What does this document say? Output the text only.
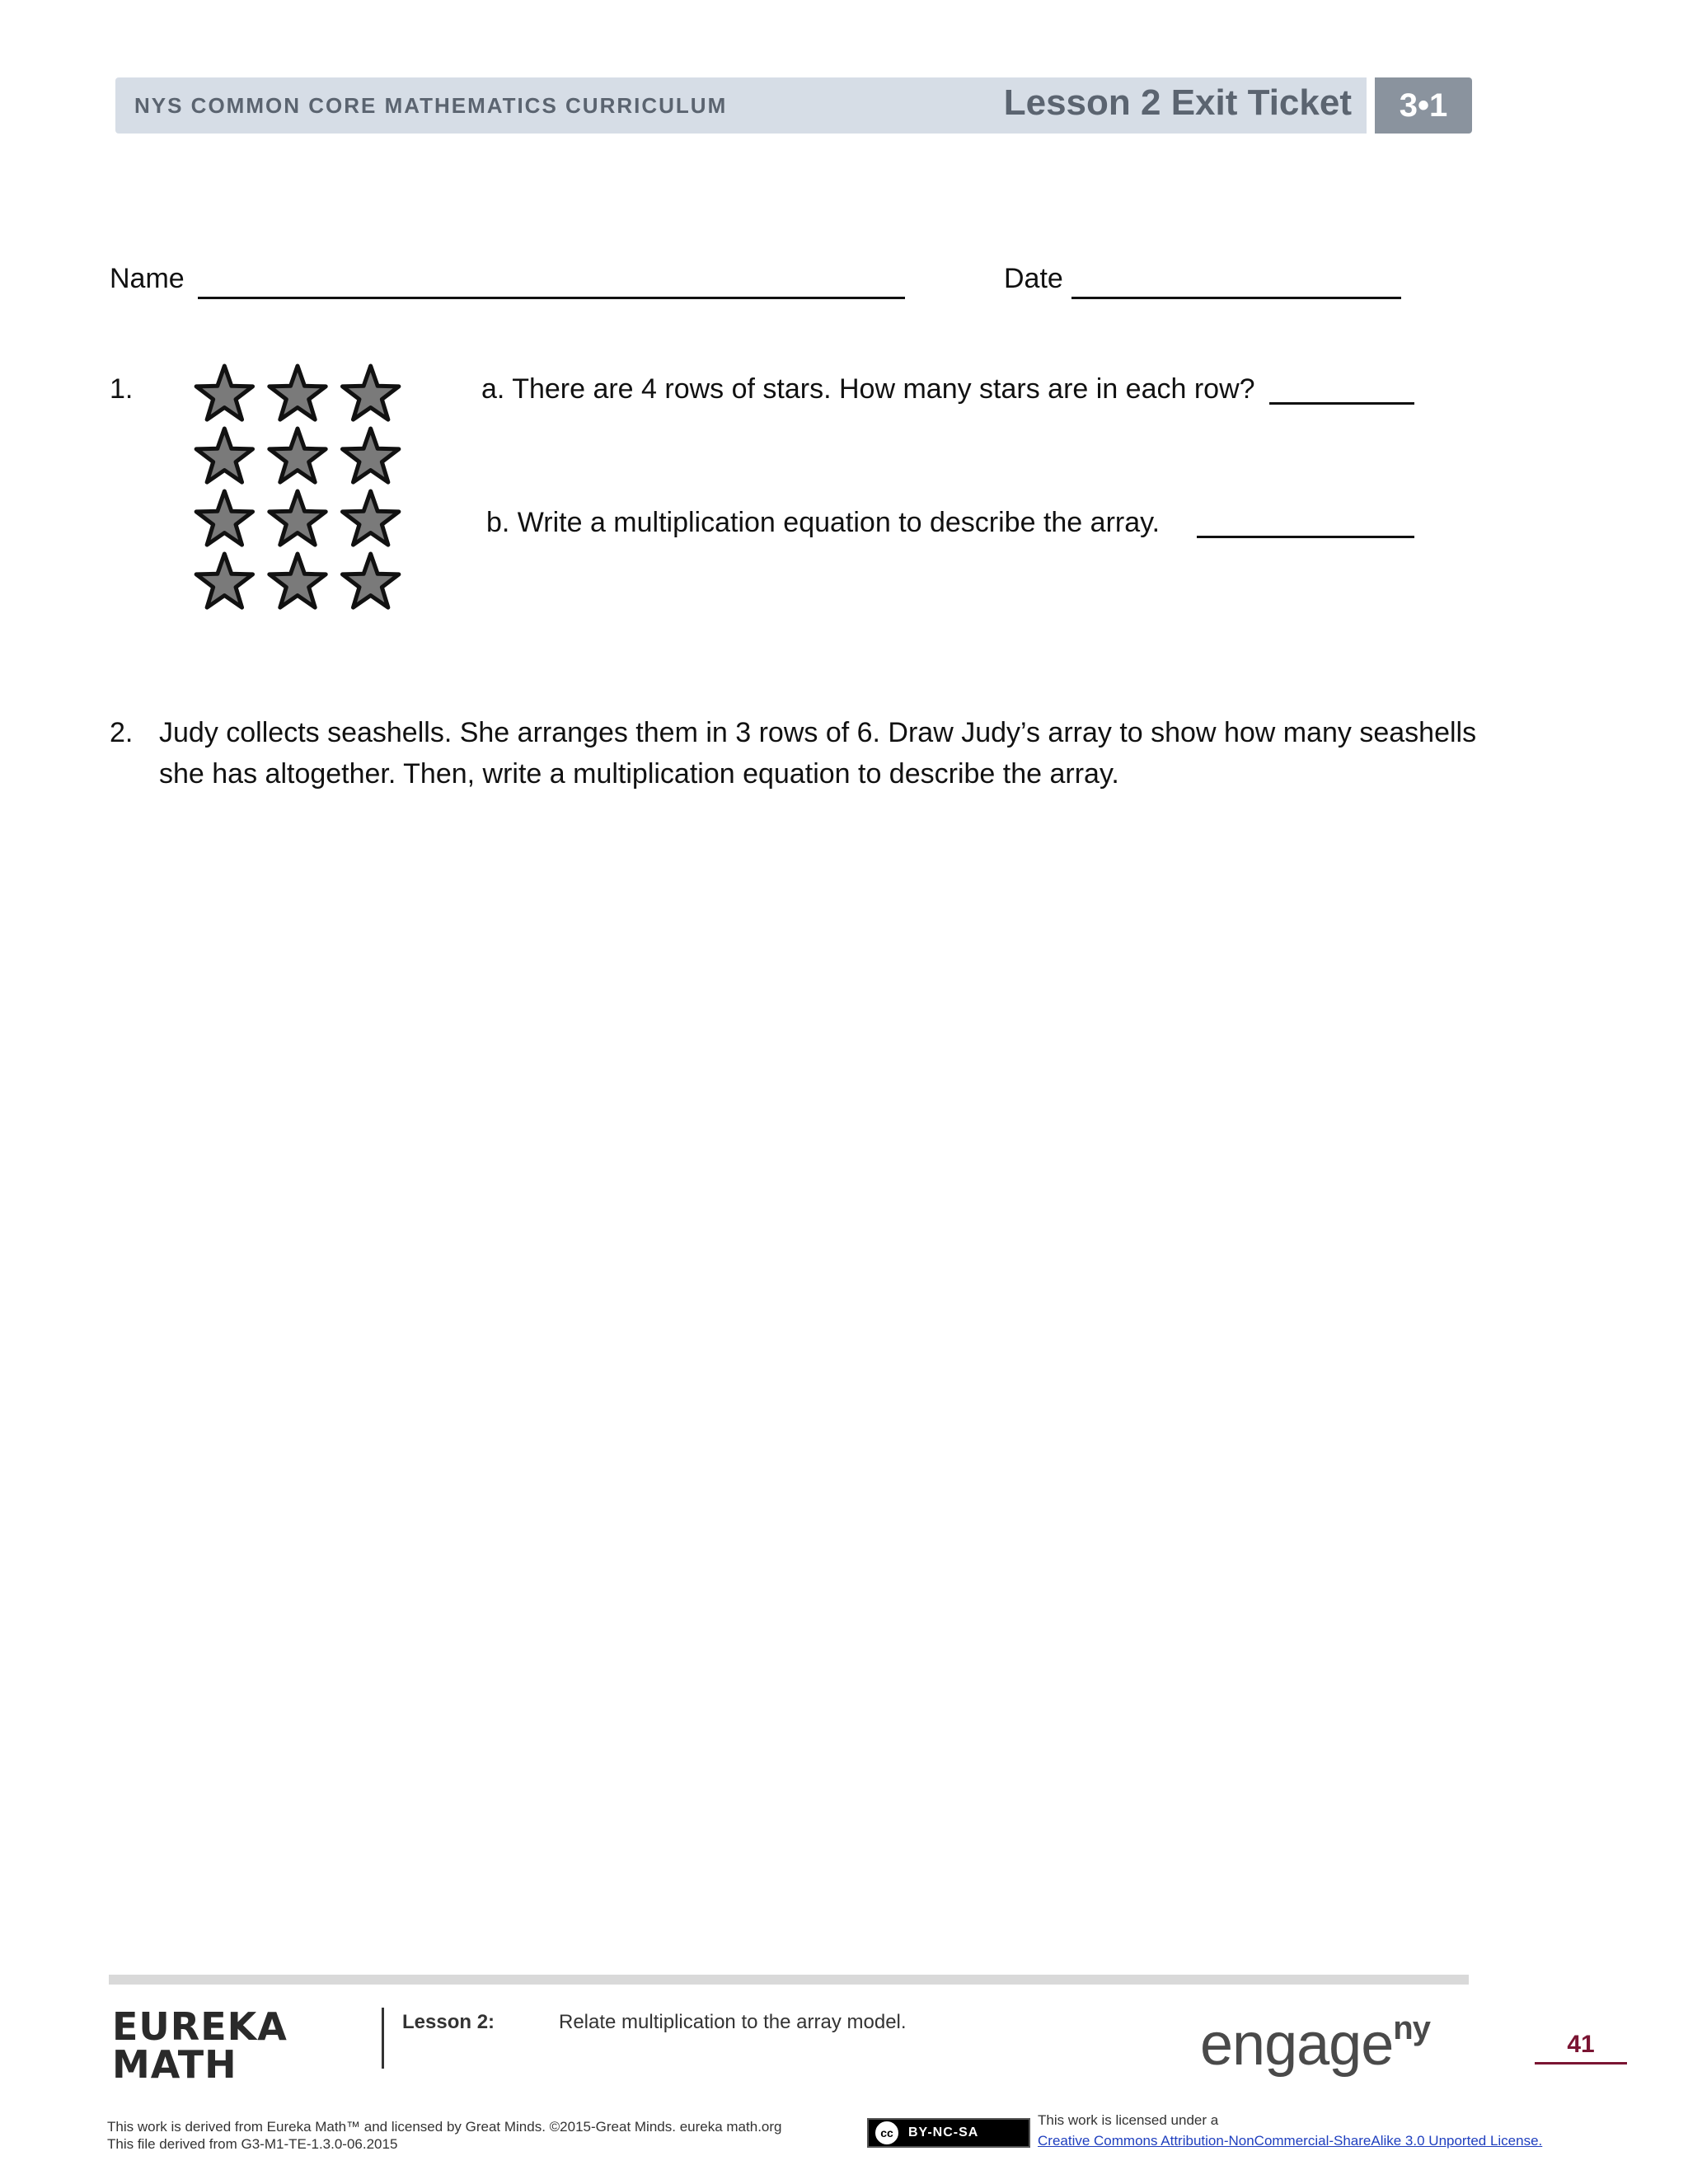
NYS COMMON CORE MATHEMATICS CURRICULUM	Lesson 2 Exit Ticket	3•1
Name	Date
1.	a. There are 4 rows of stars. How many stars are in each row?
b. Write a multiplication equation to describe the array.
2. Judy collects seashells. She arranges them in 3 rows of 6. Draw Judy’s array to show how many seashells
she has altogether. Then, write a multiplication equation to describe the array.
EUREKA
MATH
Lesson 2:	Relate multiplication to the array model.	engage$^{ny}$	41
This work is derived from Eureka Math™ and licensed by Great Minds. ©2015-Great Minds. eureka math.org
This file derived from G3-M1-TE-1.3.0-06.2015
cc	BY-NC-SA
This work is licensed under a
Creative Commons Attribution-NonCommercial-ShareAlike 3.0 Unported License.
